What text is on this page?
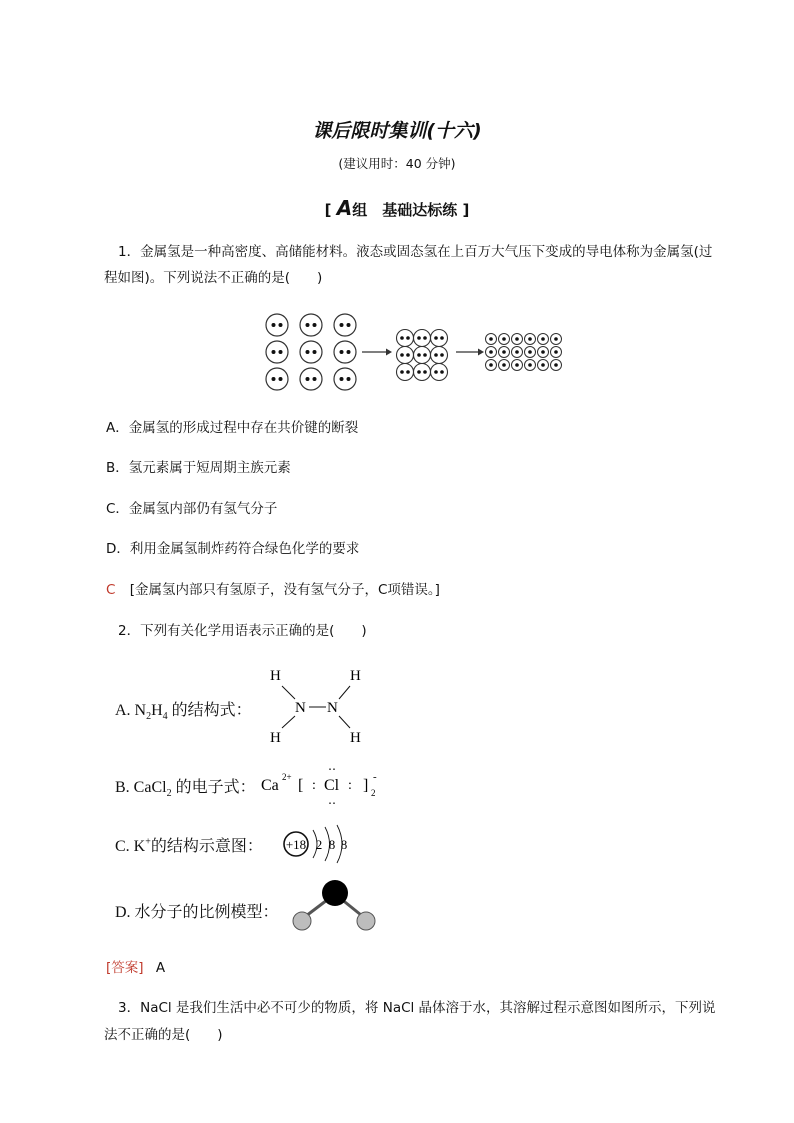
课后限时集训(十六)
(建议用时：40 分钟)
[ A组　基础达标练 ]
1．金属氢是一种高密度、高储能材料。液态或固态氢在上百万大气压下变成的导电体称为金属氢(过
程如图)。下列说法不正确的是(　　)
A．金属氢的形成过程中存在共价键的断裂
B．氢元素属于短周期主族元素
C．金属氢内部仍有氢气分子
D．利用金属氢制炸药符合绿色化学的要求
C [金属氢内部只有氢原子，没有氢气分子，C项错误。]
2．下列有关化学用语表示正确的是(　　)
A. $N_2H_4$ 的结构式：
H	H
N N
H	H
B. CaCl$_2$ 的电子式： Ca 2+ [ : Cl
‥
‥
: ] 2
-
C. K+的结构示意图： +18 2 8 8
D. 水分子的比例模型：
[答案] A
3．NaCl 是我们生活中必不可少的物质，将 NaCl 晶体溶于水，其溶解过程示意图如图所示，下列说
法不正确的是(　　)
